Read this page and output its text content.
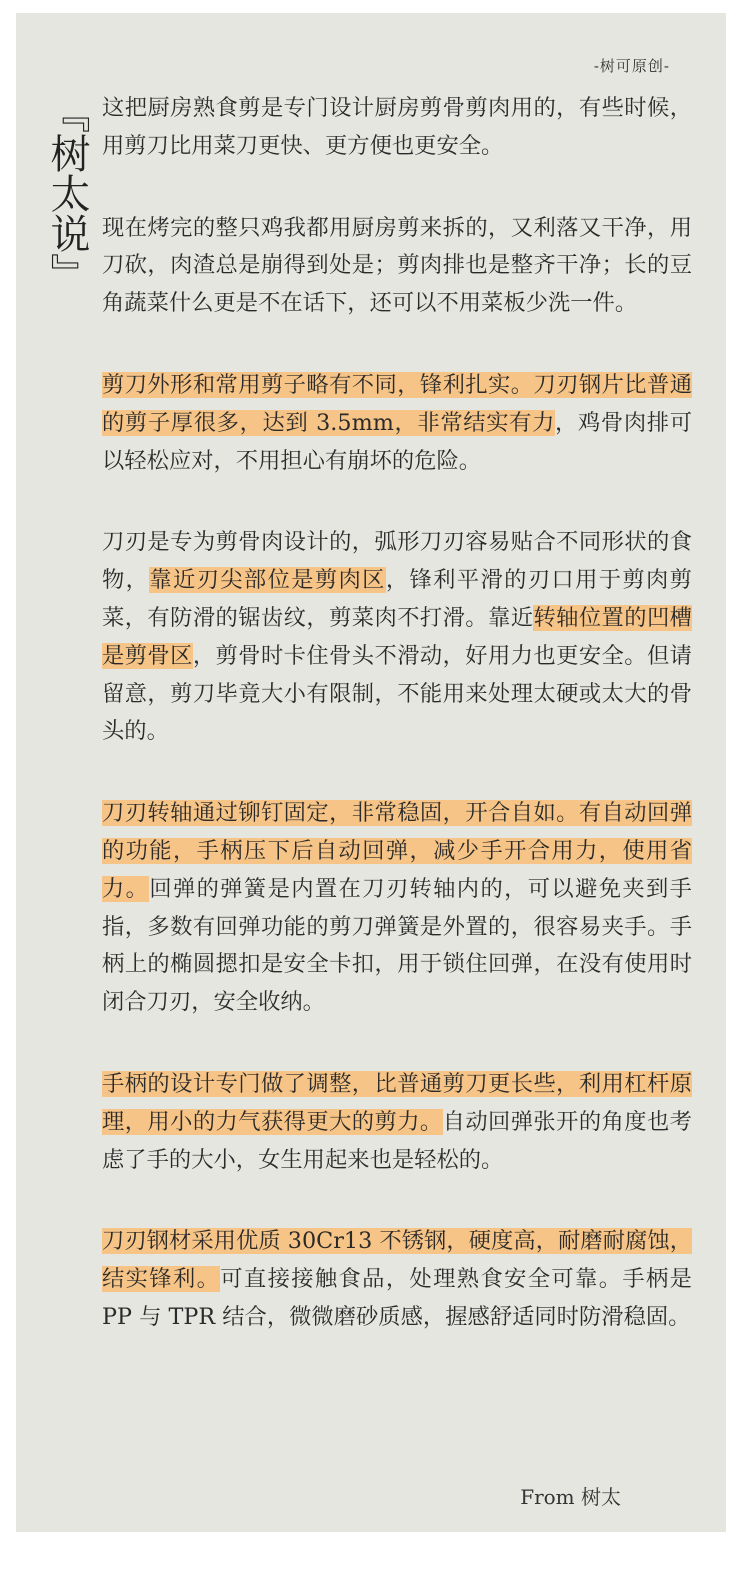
-树可原创-
『树太说』 这把厨房熟食剪是专门设计厨房剪骨剪肉用的，有些时候，用剪刀比用菜刀更快、更方便也更安全。

现在烤完的整只鸡我都用厨房剪来拆的，又利落又干净，用刀砍，肉渣总是崩得到处是；剪肉排也是整齐干净；长的豆角蔬菜什么更是不在话下，还可以不用菜板少洗一件。

剪刀外形和常用剪子略有不同，锋利扎实。刀刃钢片比普通的剪子厚很多，达到 3.5mm，非常结实有力，鸡骨肉排可以轻松应对，不用担心有崩坏的危险。

刀刃是专为剪骨肉设计的，弧形刀刃容易贴合不同形状的食物，靠近刃尖部位是剪肉区，锋利平滑的刃口用于剪肉剪菜，有防滑的锯齿纹，剪菜肉不打滑。靠近转轴位置的凹槽是剪骨区，剪骨时卡住骨头不滑动，好用力也更安全。但请留意，剪刀毕竟大小有限制，不能用来处理太硬或太大的骨头的。

刀刃转轴通过铆钉固定，非常稳固，开合自如。有自动回弹的功能，手柄压下后自动回弹，减少手开合用力，使用省力。回弹的弹簧是内置在刀刃转轴内的，可以避免夹到手指，多数有回弹功能的剪刀弹簧是外置的，很容易夹手。手柄上的椭圆摁扣是安全卡扣，用于锁住回弹，在没有使用时闭合刀刃，安全收纳。

手柄的设计专门做了调整，比普通剪刀更长些，利用杠杆原理，用小的力气获得更大的剪力。自动回弹张开的角度也考虑了手的大小，女生用起来也是轻松的。

刀刃钢材采用优质 30Cr13 不锈钢，硬度高，耐磨耐腐蚀，结实锋利。可直接接触食品，处理熟食安全可靠。手柄是 PP 与 TPR 结合，微微磨砂质感，握感舒适同时防滑稳固。

From 树太
